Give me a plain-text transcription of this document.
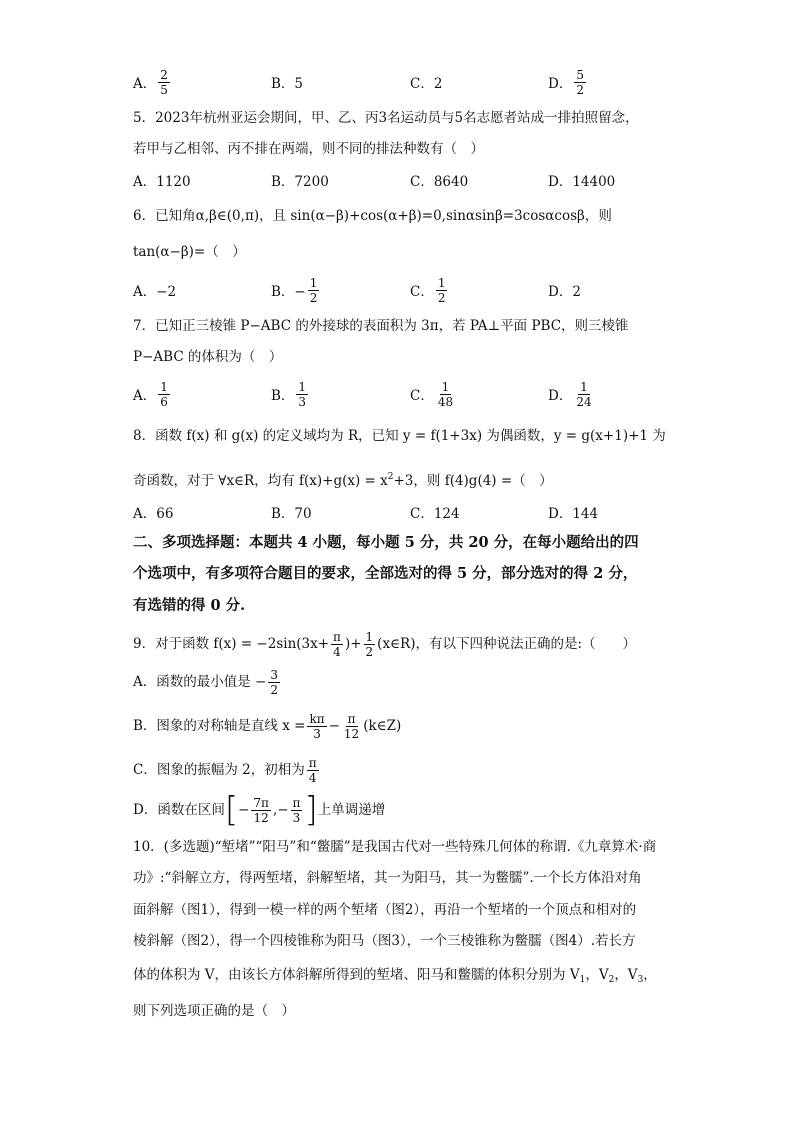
A． $\frac{2}{5}$	B．5	C．2	D． $\frac{5}{2}$
5．2023年杭州亚运会期间，甲、乙、丙3名运动员与5名志愿者站成一排拍照留念，
若甲与乙相邻、丙不排在两端，则不同的排法种数有（　）
A．1120	B．7200	C．8640	D．14400
6．已知角α,β∈(0,π)，且 sin(α−β)+cos(α+β)=0,sinαsinβ=3cosαcosβ，则
tan(α−β)=（　）
A．−2	B．− $\frac{1}{2}$	C． $\frac{1}{2}$	D．2
7．已知正三棱锥 P−ABC 的外接球的表面积为 3π，若 PA⊥平面 PBC，则三棱锥
P−ABC 的体积为（　）
A． $\frac{1}{6}$	B． $\frac{1}{3}$	C． $\frac{1}{48}$	D． $\frac{1}{24}$
8．函数 f(x) 和 g(x) 的定义域均为 R，已知 y = f(1+3x) 为偶函数，y = g(x+1)+1 为
奇函数，对于 ∀x∈R，均有 $f(x)+g(x) = x^2+3$，则 f(4)g(4) =（　）
A．66	B．70	C．124	D．144
二、多项选择题：本题共 4 小题，每小题 5 分，共 20 分，在每小题给出的四
个选项中，有多项符合题目的要求，全部选对的得 5 分，部分选对的得 2 分，
有选错的得 0 分.
9．对于函数 $f(x) = -2\sin(3x+ \frac{\pi}{4}$ )+ $\frac{1}{2}$ (x∈R)，有以下四种说法正确的是:（　　）
A．函数的最小值是 − $\frac{3}{2}$
B．图象的对称轴是直线 $x = \frac{k\pi}{3} - \frac{\pi}{12}$ (k∈Z)
C．图象的振幅为 2，初相为 $\frac{\pi}{4}$
D．函数在区间 [ − $\frac{7\pi}{12}$ ,− $\frac{\pi}{3}$ ] 上单调递增
10．(多选题)“堑堵”“阳马”和“鳖臑”是我国古代对一些特殊几何体的称谓.《九章算术·商
功》:“斜解立方，得两堑堵，斜解堑堵，其一为阳马，其一为鳖臑”.一个长方体沿对角
面斜解（图1），得到一模一样的两个堑堵（图2），再沿一个堑堵的一个顶点和相对的
棱斜解（图2），得一个四棱锥称为阳马（图3），一个三棱锥称为鳖臑（图4）.若长方
体的体积为 V，由该长方体斜解所得到的堑堵、阳马和鳖臑的体积分别为 $V_1$，$V_2$，$V_3$，
则下列选项正确的是（　）
